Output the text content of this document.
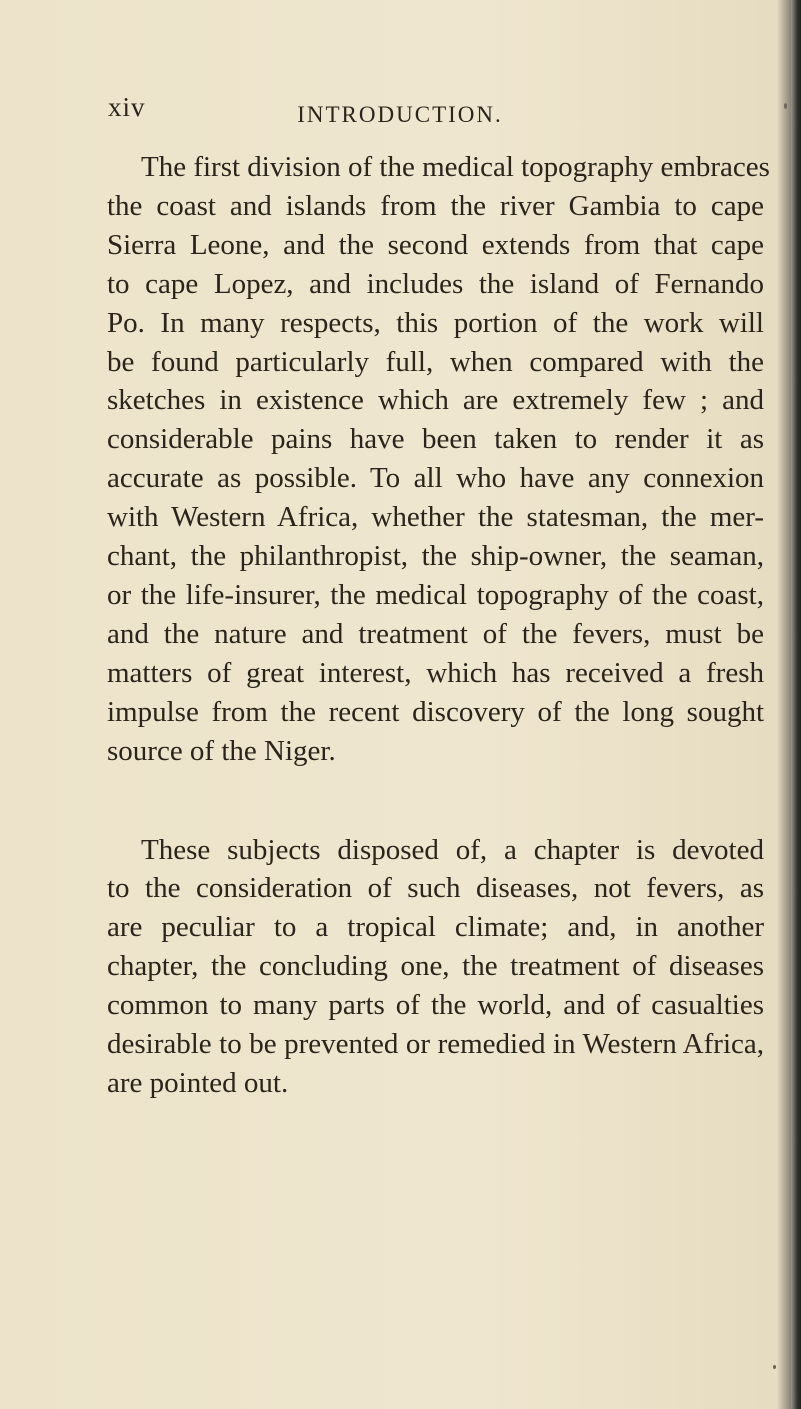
xiv	INTRODUCTION.

The first division of the medical topography embraces
the coast and islands from the river Gambia to cape
Sierra Leone, and the second extends from that cape
to cape Lopez, and includes the island of Fernando
Po. In many respects, this portion of the work will
be found particularly full, when compared with the
sketches in existence which are extremely few ; and
considerable pains have been taken to render it as
accurate as possible. To all who have any connexion
with Western Africa, whether the statesman, the mer-
chant, the philanthropist, the ship-owner, the seaman,
or the life-insurer, the medical topography of the coast,
and the nature and treatment of the fevers, must be
matters of great interest, which has received a fresh
impulse from the recent discovery of the long sought
source of the Niger.

These subjects disposed of, a chapter is devoted
to the consideration of such diseases, not fevers, as
are peculiar to a tropical climate; and, in another
chapter, the concluding one, the treatment of diseases
common to many parts of the world, and of casualties
desirable to be prevented or remedied in Western Africa,
are pointed out.
